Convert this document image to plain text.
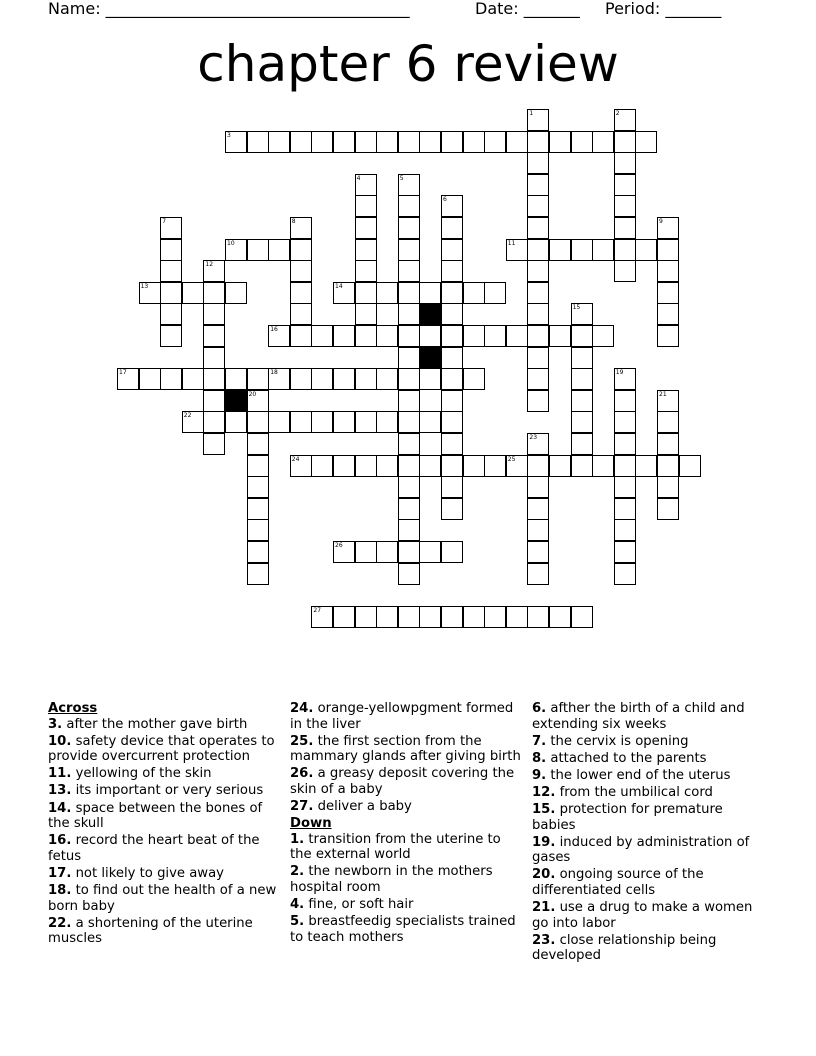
Name: ______________________________________	Date: _______ Period: _______
chapter 6 review
3
10	11
13	14
16
17	18
22
24	25
26
27
1	2
4	5
6
7	8	9
12
15
19
20	21
23
Across
3. after the mother gave birth
10. safety device that operates to provide overcurrent protection
11. yellowing of the skin
13. its important or very serious
14. space between the bones of the skull
16. record the heart beat of the fetus
17. not likely to give away
18. to find out the health of a new born baby
22. a shortening of the uterine muscles
24. orange-yellowpgment formed in the liver
25. the first section from the mammary glands after giving birth
26. a greasy deposit covering the skin of a baby
27. deliver a baby
Down
1. transition from the uterine to the external world
2. the newborn in the mothers hospital room
4. fine, or soft hair
5. breastfeedig specialists trained to teach mothers
6. afther the birth of a child and extending six weeks
7. the cervix is opening
8. attached to the parents
9. the lower end of the uterus
12. from the umbilical cord
15. protection for premature babies
19. induced by administration of gases
20. ongoing source of the differentiated cells
21. use a drug to make a women go into labor
23. close relationship being developed
